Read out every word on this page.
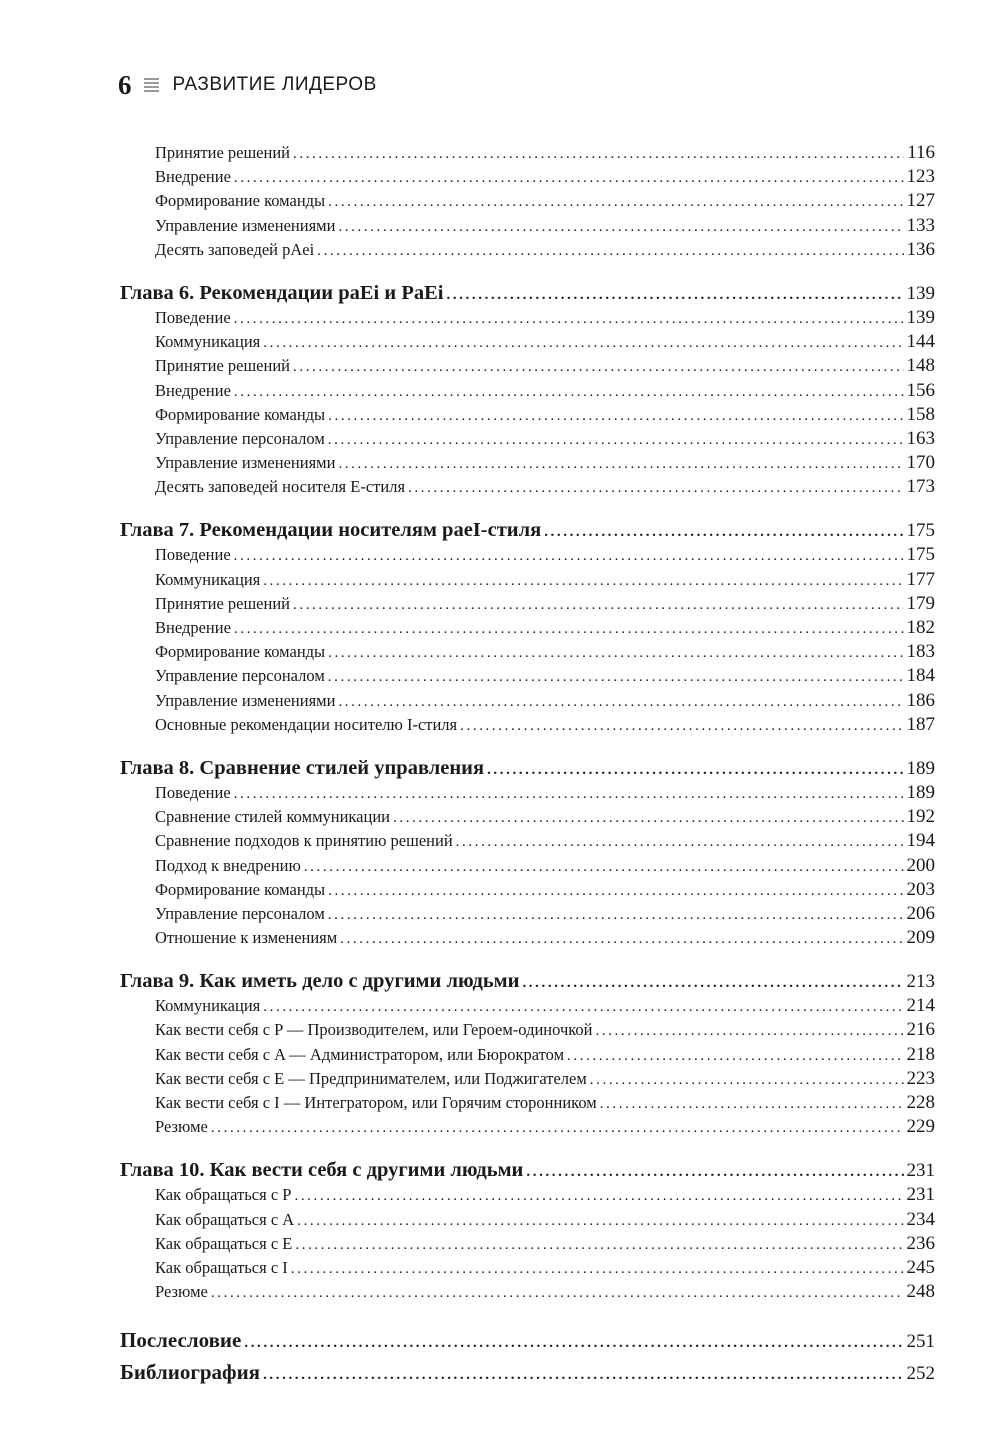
6 РАЗВИТИЕ ЛИДЕРОВ
Принятие решений .....	116
Внедрение .....	123
Формирование команды .....	127
Управление изменениями .....	133
Десять заповедей pAei .....	136
Глава 6. Рекомендации paEi и PaEi .....	139
Поведение .....	139
Коммуникация .....	144
Принятие решений .....	148
Внедрение .....	156
Формирование команды .....	158
Управление персоналом .....	163
Управление изменениями .....	170
Десять заповедей носителя E-стиля .....	173
Глава 7. Рекомендации носителям paeI-стиля .....	175
Поведение .....	175
Коммуникация .....	177
Принятие решений .....	179
Внедрение .....	182
Формирование команды .....	183
Управление персоналом .....	184
Управление изменениями .....	186
Основные рекомендации носителю I-стиля .....	187
Глава 8. Сравнение стилей управления .....	189
Поведение .....	189
Сравнение стилей коммуникации .....	192
Сравнение подходов к принятию решений .....	194
Подход к внедрению .....	200
Формирование команды .....	203
Управление персоналом .....	206
Отношение к изменениям .....	209
Глава 9. Как иметь дело с другими людьми .....	213
Коммуникация .....	214
Как вести себя с P — Производителем, или Героем-одиночкой .....	216
Как вести себя с A — Администратором, или Бюрократом .....	218
Как вести себя с E — Предпринимателем, или Поджигателем .....	223
Как вести себя с I — Интегратором, или Горячим сторонником .....	228
Резюме .....	229
Глава 10. Как вести себя с другими людьми .....	231
Как обращаться с P .....	231
Как обращаться с A .....	234
Как обращаться с E .....	236
Как обращаться с I .....	245
Резюме .....	248
Послесловие .....	251
Библиография .....	252
